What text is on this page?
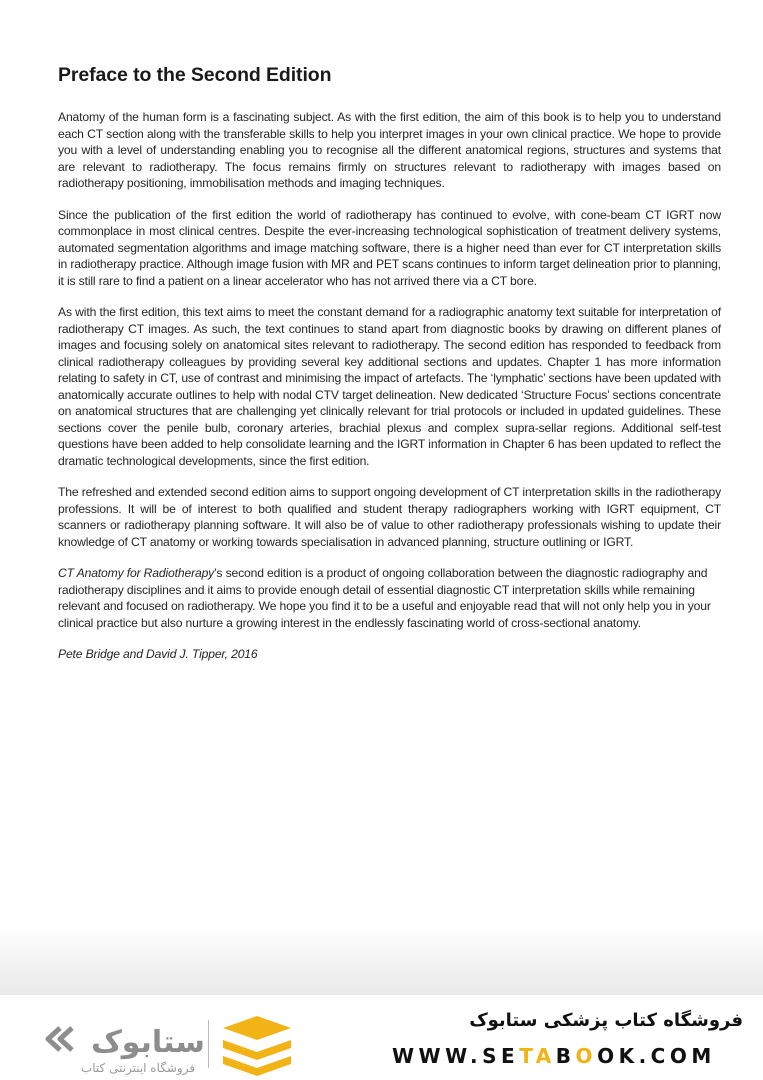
Preface to the Second Edition

Anatomy of the human form is a fascinating subject. As with the first edition, the aim of this book is to help you to understand each CT section along with the transferable skills to help you interpret images in your own clinical practice. We hope to provide you with a level of understanding enabling you to recognise all the different anatomical regions, structures and systems that are relevant to radiotherapy. The focus remains firmly on structures relevant to radiotherapy with images based on radiotherapy positioning, immobilisation methods and imaging techniques.

Since the publication of the first edition the world of radiotherapy has continued to evolve, with cone-beam CT IGRT now commonplace in most clinical centres. Despite the ever-increasing technological sophistication of treatment delivery systems, automated segmentation algorithms and image matching software, there is a higher need than ever for CT interpretation skills in radiotherapy practice. Although image fusion with MR and PET scans continues to inform target delineation prior to planning, it is still rare to find a patient on a linear accelerator who has not arrived there via a CT bore.

As with the first edition, this text aims to meet the constant demand for a radiographic anatomy text suitable for interpretation of radiotherapy CT images. As such, the text continues to stand apart from diagnostic books by drawing on different planes of images and focusing solely on anatomical sites relevant to radiotherapy. The second edition has responded to feedback from clinical radiotherapy colleagues by providing several key additional sections and updates. Chapter 1 has more information relating to safety in CT, use of contrast and minimising the impact of artefacts. The ‘lymphatic’ sections have been updated with anatomically accurate outlines to help with nodal CTV target delineation. New dedicated ‘Structure Focus’ sections concentrate on anatomical structures that are challenging yet clinically relevant for trial protocols or included in updated guidelines. These sections cover the penile bulb, coronary arteries, brachial plexus and complex supra-sellar regions. Additional self-test questions have been added to help consolidate learning and the IGRT information in Chapter 6 has been updated to reflect the dramatic technological developments, since the first edition.

The refreshed and extended second edition aims to support ongoing development of CT interpretation skills in the radiotherapy professions. It will be of interest to both qualified and student therapy radiographers working with IGRT equipment, CT scanners or radiotherapy planning software. It will also be of value to other radiotherapy professionals wishing to update their knowledge of CT anatomy or working towards specialisation in advanced planning, structure outlining or IGRT.

CT Anatomy for Radiotherapy’s second edition is a product of ongoing collaboration between the diagnostic radiography and radiotherapy disciplines and it aims to provide enough detail of essential diagnostic CT interpretation skills while remaining relevant and focused on radiotherapy. We hope you find it to be a useful and enjoyable read that will not only help you in your clinical practice but also nurture a growing interest in the endlessly fascinating world of cross-sectional anatomy.

Pete Bridge and David J. Tipper, 2016

ستابوک
فروشگاه اینترنتی کتاب
فروشگاه کتاب پزشکی ستابوک
WWW.SETABOOK.COM
